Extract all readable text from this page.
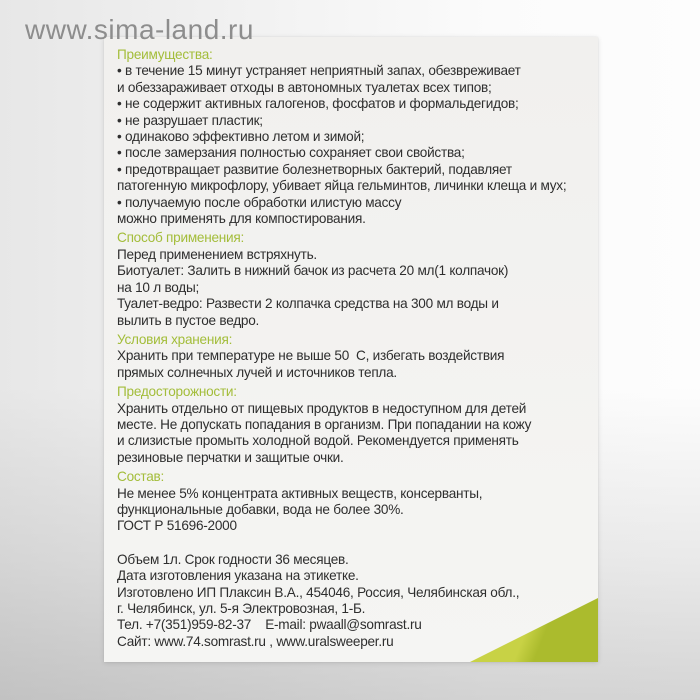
www.sima-land.ru
Преимущества:
• в течение 15 минут устраняет неприятный запах, обезвреживает
и обеззараживает отходы в автономных туалетах всех типов;
• не содержит активных галогенов, фосфатов и формальдегидов;
• не разрушает пластик;
• одинаково эффективно летом и зимой;
• после замерзания полностью сохраняет свои свойства;
• предотвращает развитие болезнетворных бактерий, подавляет
патогенную микрофлору, убивает яйца гельминтов, личинки клеща и мух;
• получаемую после обработки илистую массу
можно применять для компостирования.
Способ применения:
Перед применением встряхнуть.
Биотуалет: Залить в нижний бачок из расчета 20 мл(1 колпачок)
на 10 л воды;
Туалет-ведро: Развести 2 колпачка средства на 300 мл воды и
вылить в пустое ведро.
Условия хранения:
Хранить при температуре не выше 50  С, избегать воздействия
прямых солнечных лучей и источников тепла.
Предосторожности:
Хранить отдельно от пищевых продуктов в недоступном для детей
месте. Не допускать попадания в организм. При попадании на кожу
и слизистые промыть холодной водой. Рекомендуется применять
резиновые перчатки и защитые очки.
Состав:
Не менее 5% концентрата активных веществ, консерванты,
функциональные добавки, вода не более 30%.
ГОСТ Р 51696-2000
Объем 1л. Срок годности 36 месяцев.
Дата изготовления указана на этикетке.
Изготовлено ИП Плаксин В.А., 454046, Россия, Челябинская обл.,
г. Челябинск, ул. 5-я Электровозная, 1-Б.
Тел. +7(351)959-82-37    E-mail: pwaall@somrast.ru
Сайт: www.74.somrast.ru , www.uralsweeper.ru
